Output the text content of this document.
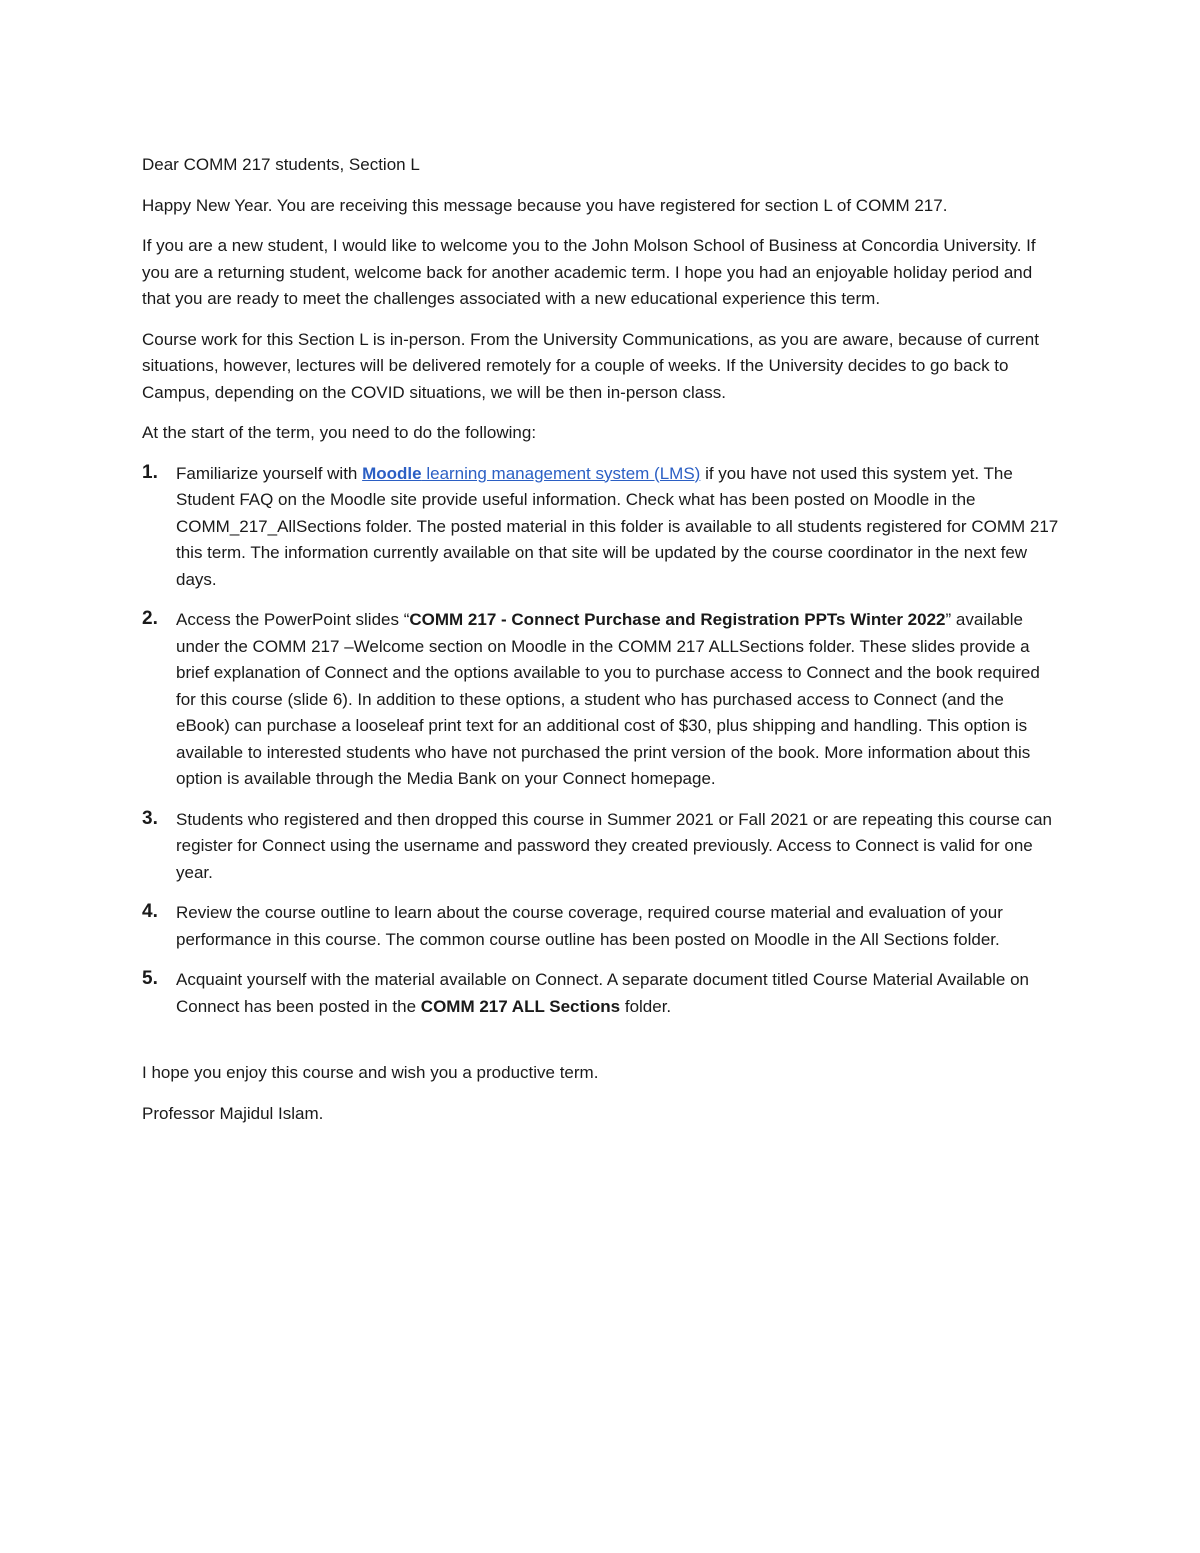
Dear COMM 217 students, Section L

Happy New Year. You are receiving this message because you have registered for section L of COMM 217.

If you are a new student, I would like to welcome you to the John Molson School of Business at Concordia University. If you are a returning student, welcome back for another academic term. I hope you had an enjoyable holiday period and that you are ready to meet the challenges associated with a new educational experience this term.

Course work for this Section L is in-person. From the University Communications, as you are aware, because of current situations, however, lectures will be delivered remotely for a couple of weeks. If the University decides to go back to Campus, depending on the COVID situations, we will be then in-person class.

At the start of the term, you need to do the following:

1. Familiarize yourself with Moodle learning management system (LMS) if you have not used this system yet. The Student FAQ on the Moodle site provide useful information. Check what has been posted on Moodle in the COMM_217_AllSections folder. The posted material in this folder is available to all students registered for COMM 217 this term. The information currently available on that site will be updated by the course coordinator in the next few days.
2. Access the PowerPoint slides “COMM 217 - Connect Purchase and Registration PPTs Winter 2022” available under the COMM 217 –Welcome section on Moodle in the COMM 217 ALLSections folder. These slides provide a brief explanation of Connect and the options available to you to purchase access to Connect and the book required for this course (slide 6). In addition to these options, a student who has purchased access to Connect (and the eBook) can purchase a looseleaf print text for an additional cost of $30, plus shipping and handling. This option is available to interested students who have not purchased the print version of the book. More information about this option is available through the Media Bank on your Connect homepage.
3. Students who registered and then dropped this course in Summer 2021 or Fall 2021 or are repeating this course can register for Connect using the username and password they created previously. Access to Connect is valid for one year.
4. Review the course outline to learn about the course coverage, required course material and evaluation of your performance in this course. The common course outline has been posted on Moodle in the All Sections folder.
5. Acquaint yourself with the material available on Connect. A separate document titled Course Material Available on Connect has been posted in the COMM 217 ALL Sections folder.

I hope you enjoy this course and wish you a productive term.

Professor Majidul Islam.
